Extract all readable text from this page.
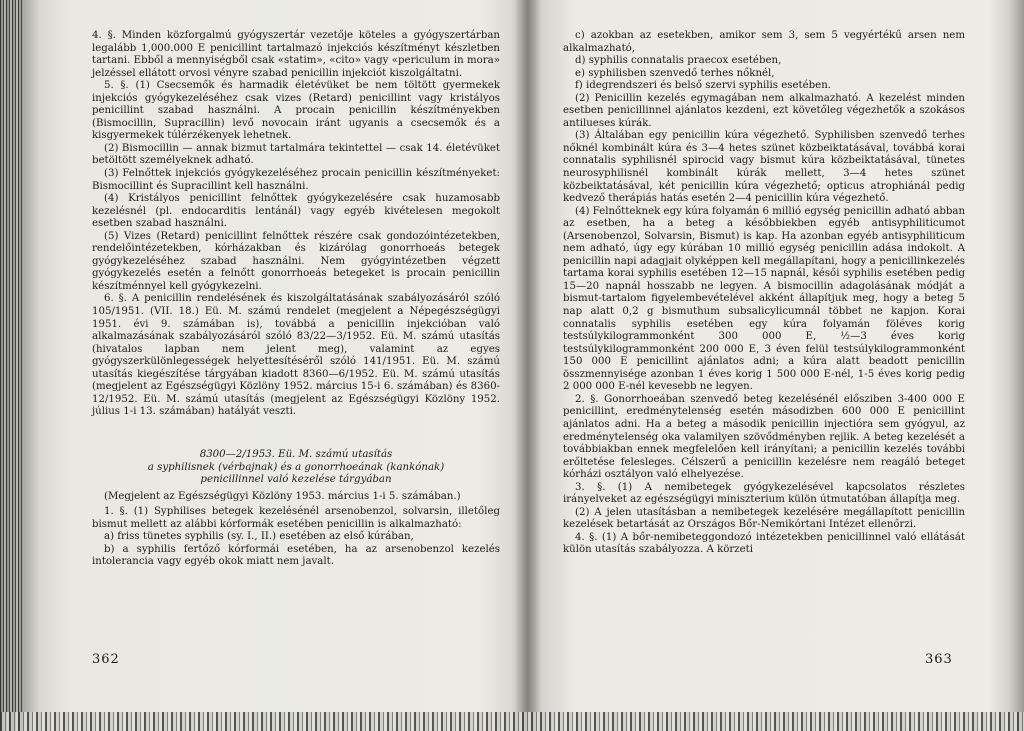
4. §. Minden közforgalmú gyógyszertár vezetője köteles a gyógyszertárban legalább 1,000.000 E penicillint tartalmazó injekciós készítményt készletben tartani. Ebből a mennyiségből csak «statim», «cito» vagy «periculum in mora» jelzéssel ellátott orvosi vényre szabad penicillin injekciót kiszolgáltatni.

5. §. (1) Csecsemők és harmadik életévüket be nem töltött gyermekek injekciós gyógykezeléséhez csak vizes (Retard) penicillint vagy kristályos penicillint szabad használni. A procain penicillin készítményekben (Bismocillin, Supracillin) levő novocain iránt ugyanis a csecsemők és a kisgyermekek túlérzékenyek lehetnek.

(2) Bismocillin — annak bizmut tartalmára tekintettel — csak 14. életévüket betöltött személyeknek adható.

(3) Felnőttek injekciós gyógykezeléséhez procain penicillin készítményeket: Bismocillint és Supracillint kell használni.

(4) Kristályos penicillint felnőttek gyógykezelésére csak huzamosabb kezelésnél (pl. endocarditis lentánál) vagy egyéb kivételesen megokolt esetben szabad használni.

(5) Vizes (Retard) penicillint felnőttek részére csak gondozóintézetekben, rendelőintézetekben, kórházakban és kizárólag gonorrhoeás betegek gyógykezeléséhez szabad használni. Nem gyógyintézetben végzett gyógykezelés esetén a felnőtt gonorrhoeás betegeket is procain penicillin készítménnyel kell gyógykezelni.

6. §. A penicillin rendelésének és kiszolgáltatásának szabályozásáról szóló 105/1951. (VII. 18.) Eü. M. számú rendelet (megjelent a Népegészségügyi 1951. évi 9. számában is), továbbá a penicillin injekcióban való alkalmazásának szabályozásáról szóló 83/22—3/1952. Eü. M. számú utasítás (hivatalos lapban nem jelent meg), valamint az egyes gyógyszerkülönlegességek helyettesítéséről szóló 141/1951. Eü. M. számú utasítás kiegészítése tárgyában kiadott 8360—6/1952. Eü. M. számú utasítás (megjelent az Egészségügyi Közlöny 1952. március 15-i 6. számában) és 8360-12/1952. Eü. M. számú utasítás (megjelent az Egészségügyi Közlöny 1952. július 1-i 13. számában) hatályát veszti.

8300—2/1953. Eü. M. számú utasítás

a syphilisnek (vérbajnak) és a gonorrhoeának (kankónak)

penicillinnel való kezelése tárgyában

(Megjelent az Egészségügyi Közlöny 1953. március 1-i 5. számában.)

1. §. (1) Syphilises betegek kezelésénél arsenobenzol, solvarsin, illetőleg bismut mellett az alábbi kórformák esetében penicillin is alkalmazható:

a) friss tünetes syphilis (sy. I., II.) esetében az első kúrában,

b) a syphilis fertőző kórformái esetében, ha az arsenobenzol kezelés intolerancia vagy egyéb okok miatt nem javalt.

362

c) azokban az esetekben, amikor sem 3, sem 5 vegyértékű arsen nem alkalmazható,

d) syphilis connatalis praecox esetében,

e) syphilisben szenvedő terhes nőknél,

f) idegrendszeri és belső szervi syphilis esetében.

(2) Penicillin kezelés egymagában nem alkalmazható. A kezelést minden esetben penicillinnel ajánlatos kezdeni, ezt követőleg végezhetők a szokásos antilueses kúrák.

(3) Általában egy penicillin kúra végezhető. Syphilisben szenvedő terhes nőknél kombinált kúra és 3—4 hetes szünet közbeiktatásával, továbbá korai connatalis syphilisnél spirocid vagy bismut kúra közbeiktatásával, tünetes neurosyphilisnél kombinált kúrák mellett, 3—4 hetes szünet közbeiktatásával, két penicillin kúra végezhető; opticus atrophiánál pedig kedvező therápiás hatás esetén 2—4 penicillin kúra végezhető.

(4) Felnőtteknek egy kúra folyamán 6 millió egység penicillin adható abban az esetben, ha a beteg a későbbiekben egyéb antisyphiliticumot (Arsenobenzol, Solvarsin, Bismut) is kap. Ha azonban egyéb antisyphiliticum nem adható, úgy egy kúrában 10 millió egység penicillin adása indokolt. A penicillin napi adagjait olyképpen kell megállapítani, hogy a penicillinkezelés tartama korai syphilis esetében 12—15 napnál, késői syphilis esetében pedig 15—20 napnál hosszabb ne legyen. A bismocillin adagolásának módját a bismut-tartalom figyelembevételével akként állapítjuk meg, hogy a beteg 5 nap alatt 0,2 g bismuthum subsalicylicumnál többet ne kapjon. Korai connatalis syphilis esetében egy kúra folyamán föléves korig testsúlykilogrammonként 300 000 E, ½—3 éves korig testsúlykilogrammonként 200 000 E, 3 éven felül testsúlykilogrammonként 150 000 E penicillint ajánlatos adni; a kúra alatt beadott penicillin összmennyisége azonban 1 éves korig 1 500 000 E-nél, 1-5 éves korig pedig 2 000 000 E-nél kevesebb ne legyen.

2. §. Gonorrhoeában szenvedő beteg kezelésénél elősziben 3-400 000 E penicillint, eredménytelenség esetén másodizben 600 000 E penicillint ajánlatos adni. Ha a beteg a második penicillin injectióra sem gyógyul, az eredménytelenség oka valamilyen szövődményben rejlik. A beteg kezelését a továbbiakban ennek megfelelően kell irányítani; a penicillin kezelés további erőltetése felesleges. Célszerű a penicillin kezelésre nem reagáló beteget kórházi osztályon való elhelyezése.

3. §. (1) A nemibetegek gyógykezelésével kapcsolatos részletes irányelveket az egészségügyi miniszterium külön útmutatóban állapítja meg.

(2) A jelen utasításban a nemibetegek kezelésére megállapított penicillin kezelések betartását az Országos Bőr-Nemikórtani Intézet ellenőrzi.

4. §. (1) A bőr-nemibeteggondozó intézetekben penicillinnel való ellátását külön utasítás szabályozza. A körzeti

363
